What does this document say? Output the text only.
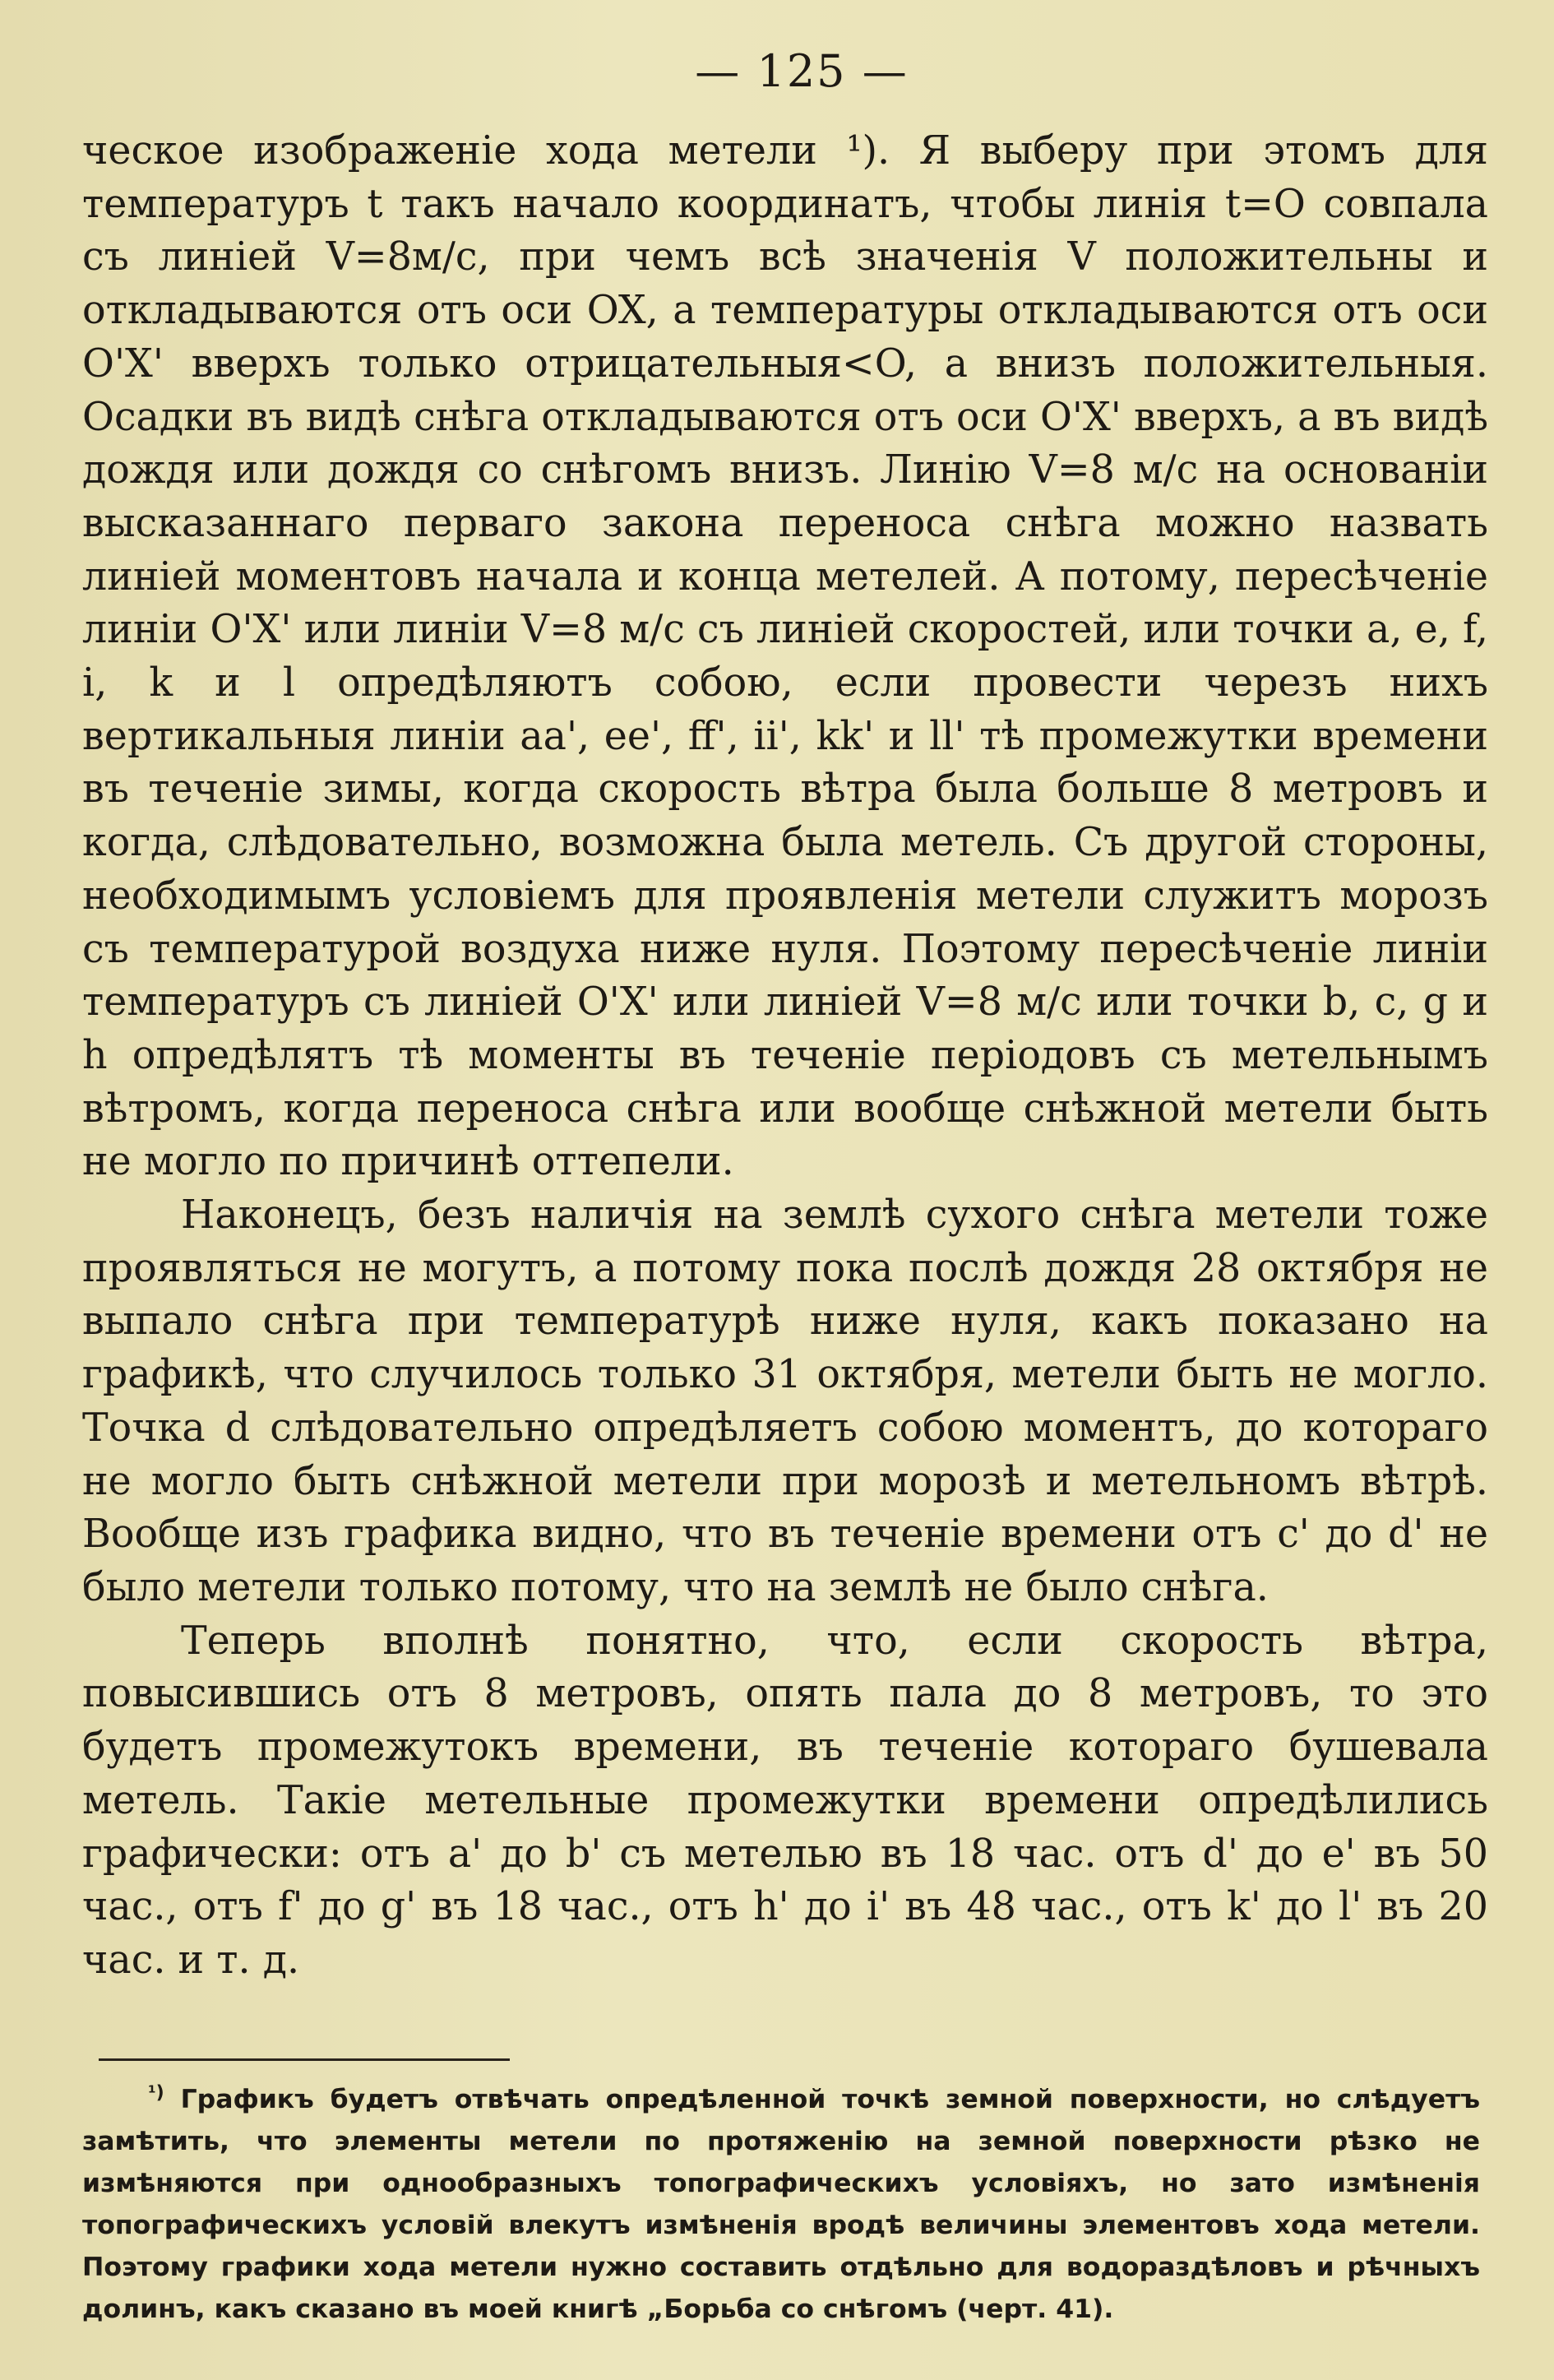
— 125 —

ческое изображенiе хода метели ¹). Я выберу при этомъ для температуръ t такъ начало координатъ, чтобы линiя t=O совпала съ линiей V=8м/с, при чемъ всѣ значенiя V положительны и откладываются отъ оси OX, а температуры откладываются отъ оси O'X' вверхъ только отрицательныя<O, а внизъ положительныя. Осадки въ видѣ снѣга откладываются отъ оси O'X' вверхъ, а въ видѣ дождя или дождя со снѣгомъ внизъ. Линiю V=8 м/с на основанiи высказаннаго перваго закона переноса снѣга можно назвать линiей моментовъ начала и конца метелей. А потому, пересѣченiе линiи O'X' или линiи V=8 м/с съ линiей скоростей, или точки a, e, f, i, k и l опредѣляютъ собою, если провести черезъ нихъ вертикальныя линiи aa', ee', ff', ii', kk' и ll' тѣ промежутки времени въ теченiе зимы, когда скорость вѣтра была больше 8 метровъ и когда, слѣдовательно, возможна была метель. Съ другой стороны, необходимымъ условiемъ для проявленiя метели служитъ морозъ съ температурой воздуха ниже нуля. Поэтому пересѣченiе линiи температуръ съ линiей O'X' или линiей V=8 м/с или точки b, c, g и h опредѣлятъ тѣ моменты въ теченiе перiодовъ съ метельнымъ вѣтромъ, когда переноса снѣга или вообще снѣжной метели быть не могло по причинѣ оттепели.

Наконецъ, безъ наличiя на землѣ сухого снѣга метели тоже проявляться не могутъ, а потому пока послѣ дождя 28 октября не выпало снѣга при температурѣ ниже нуля, какъ показано на графикѣ, что случилось только 31 октября, метели быть не могло. Точка d слѣдовательно опредѣляетъ собою моментъ, до котораго не могло быть снѣжной метели при морозѣ и метельномъ вѣтрѣ. Вообще изъ графика видно, что въ теченiе времени отъ c' до d' не было метели только потому, что на землѣ не было снѣга.

Теперь вполнѣ понятно, что, если скорость вѣтра, повысившись отъ 8 метровъ, опять пала до 8 метровъ, то это будетъ промежутокъ времени, въ теченiе котораго бушевала метель. Такiе метельные промежутки времени опредѣлились графически: отъ a' до b' съ метелью въ 18 час. отъ d' до e' въ 50 час., отъ f' до g' въ 18 час., отъ h' до i' въ 48 час., отъ k' до l' въ 20 час. и т. д.

$^{^1)}$ Графикъ будетъ отвѣчать опредѣленной точкѣ земной поверхности, но слѣдуетъ замѣтить, что элементы метели по протяженiю на земной поверхности рѣзко не измѣняются при однообразныхъ топографическихъ условiяхъ, но зато измѣненiя топографическихъ условiй влекутъ измѣненiя вродѣ величины элементовъ хода метели. Поэтому графики хода метели нужно составить отдѣльно для водораздѣловъ и рѣчныхъ долинъ, какъ сказано въ моей книгѣ „Борьба со снѣгомъ (черт. 41).
